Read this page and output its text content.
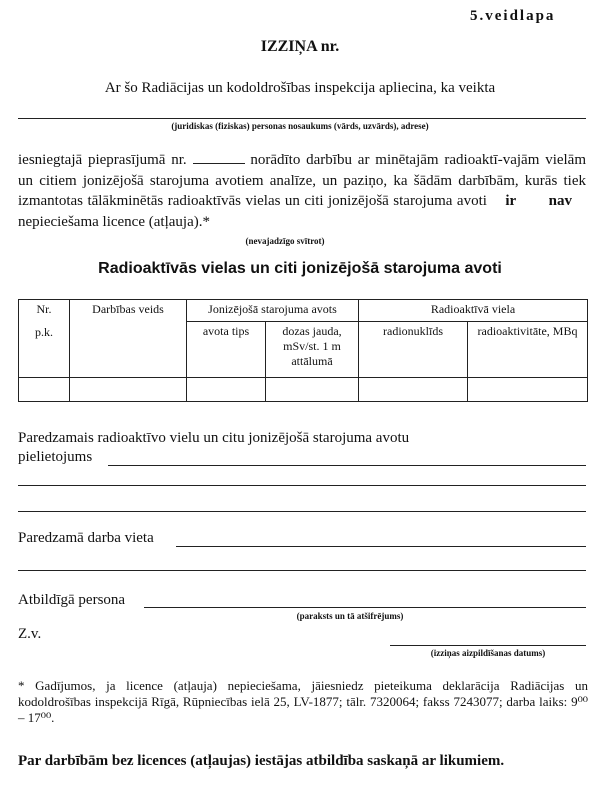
5.veidlapa
IZZIŅA nr.
Ar šo Radiācijas un kodoldrošības inspekcija apliecina, ka veikta
(juridiskas (fiziskas) personas nosaukums (vārds, uzvārds), adrese)
iesniegtajā pieprasījumā nr.	norādīto darbību ar minētajām radioaktī-vajām vielām un citiem jonizējošā starojuma avotiem analīze, un paziņo, ka šādām darbībām, kurās tiek izmantotas tālākminētās radioaktīvās vielas un citi jonizējošā starojuma avoti ir nav nepieciešama licence (atļauja).*
(nevajadzīgo svītrot)
Radioaktīvās vielas un citi jonizējošā starojuma avoti
Nr.
p.k.	Darbības veids	Jonizējošā starojuma avots		Radioaktīvā viela	
		avota tips	dozas jauda, mSv/st. 1 m attālumā	radionuklīds	radioaktivitāte, MBq

Paredzamais radioaktīvo vielu un citu jonizējošā starojuma avotu
pielietojums
Paredzamā darba vieta
Atbildīgā persona
(paraksts un tā atšifrējums)
Z.v.
(izziņas aizpildīšanas datums)
* Gadījumos, ja licence (atļauja) nepieciešama, jāiesniedz pieteikuma deklarācija Radiācijas un kodoldrošības inspekcijā Rīgā, Rūpniecības ielā 25, LV-1877; tālr. 7320064; fakss 7243077; darba laiks: 9⁰⁰ – 17⁰⁰.
Par darbībām bez licences (atļaujas) iestājas atbildība saskaņā ar likumiem.
